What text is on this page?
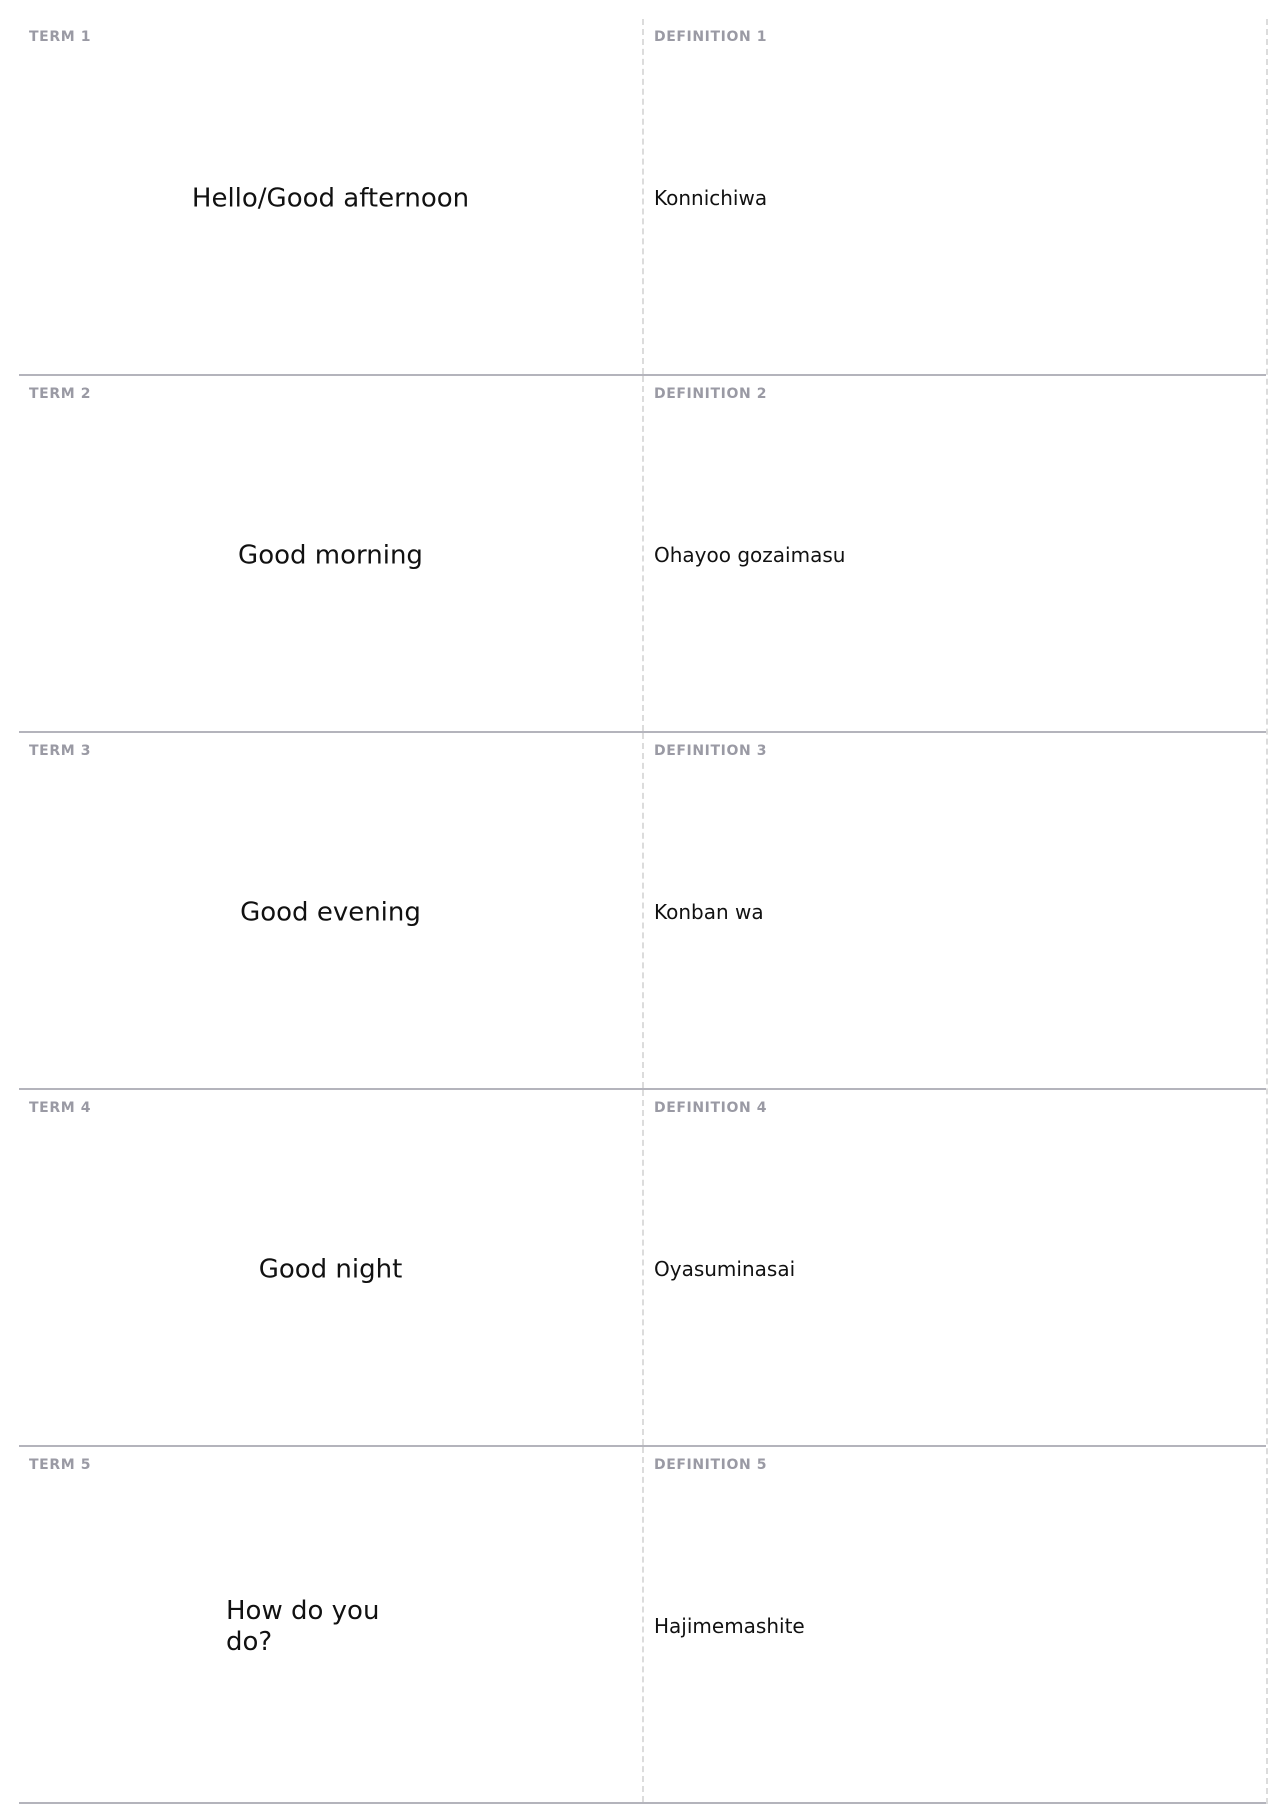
TERM 1
Hello/Good afternoon
DEFINITION 1
Konnichiwa
TERM 2
Good morning
DEFINITION 2
Ohayoo gozaimasu
TERM 3
Good evening
DEFINITION 3
Konban wa
TERM 4
Good night
DEFINITION 4
Oyasuminasai
TERM 5
How do you do?
DEFINITION 5
Hajimemashite
